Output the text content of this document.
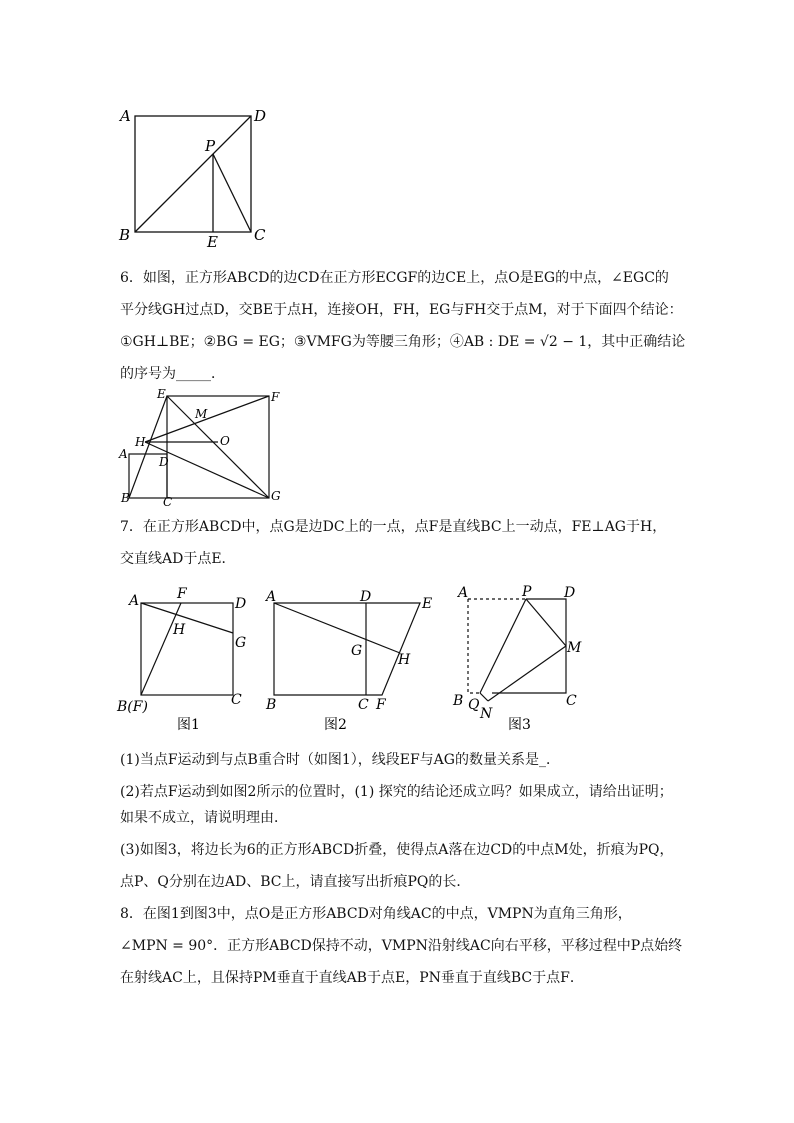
A	D
P
B	E C
6．如图，正方形ABCD的边CD在正方形ECGF的边CE上，点O是EG的中点，∠EGC的
平分线GH过点D，交BE于点H，连接OH，FH，EG与FH交于点M，对于下面四个结论：
①GH⊥BE；②BG = EG；③VMFG为等腰三角形；④AB : DE = √2 − 1，其中正确结论
的序号为_____．
E	F
M
H	O
A
D
B	C	G
7．在正方形ABCD中，点G是边DC上的一点，点F是直线BC上一动点，FE⊥AG于H，
交直线AD于点E．
A	F
D
H
G
B(F)	C
图1
A	D	E
G
H
B	C F
图2
A	P D
M
B Q
N
C
图3
(1)当点F运动到与点B重合时（如图1），线段EF与AG的数量关系是_．
(2)若点F运动到如图2所示的位置时，(1) 探究的结论还成立吗？如果成立，请给出证明；
如果不成立，请说明理由．
(3)如图3，将边长为6的正方形ABCD折叠，使得点A落在边CD的中点M处，折痕为PQ，
点P、Q分别在边AD、BC上，请直接写出折痕PQ的长．
8．在图1到图3中，点O是正方形ABCD对角线AC的中点，VMPN为直角三角形，
∠MPN = 90°．正方形ABCD保持不动，VMPN沿射线AC向右平移，平移过程中P点始终
在射线AC上，且保持PM垂直于直线AB于点E，PN垂直于直线BC于点F．
